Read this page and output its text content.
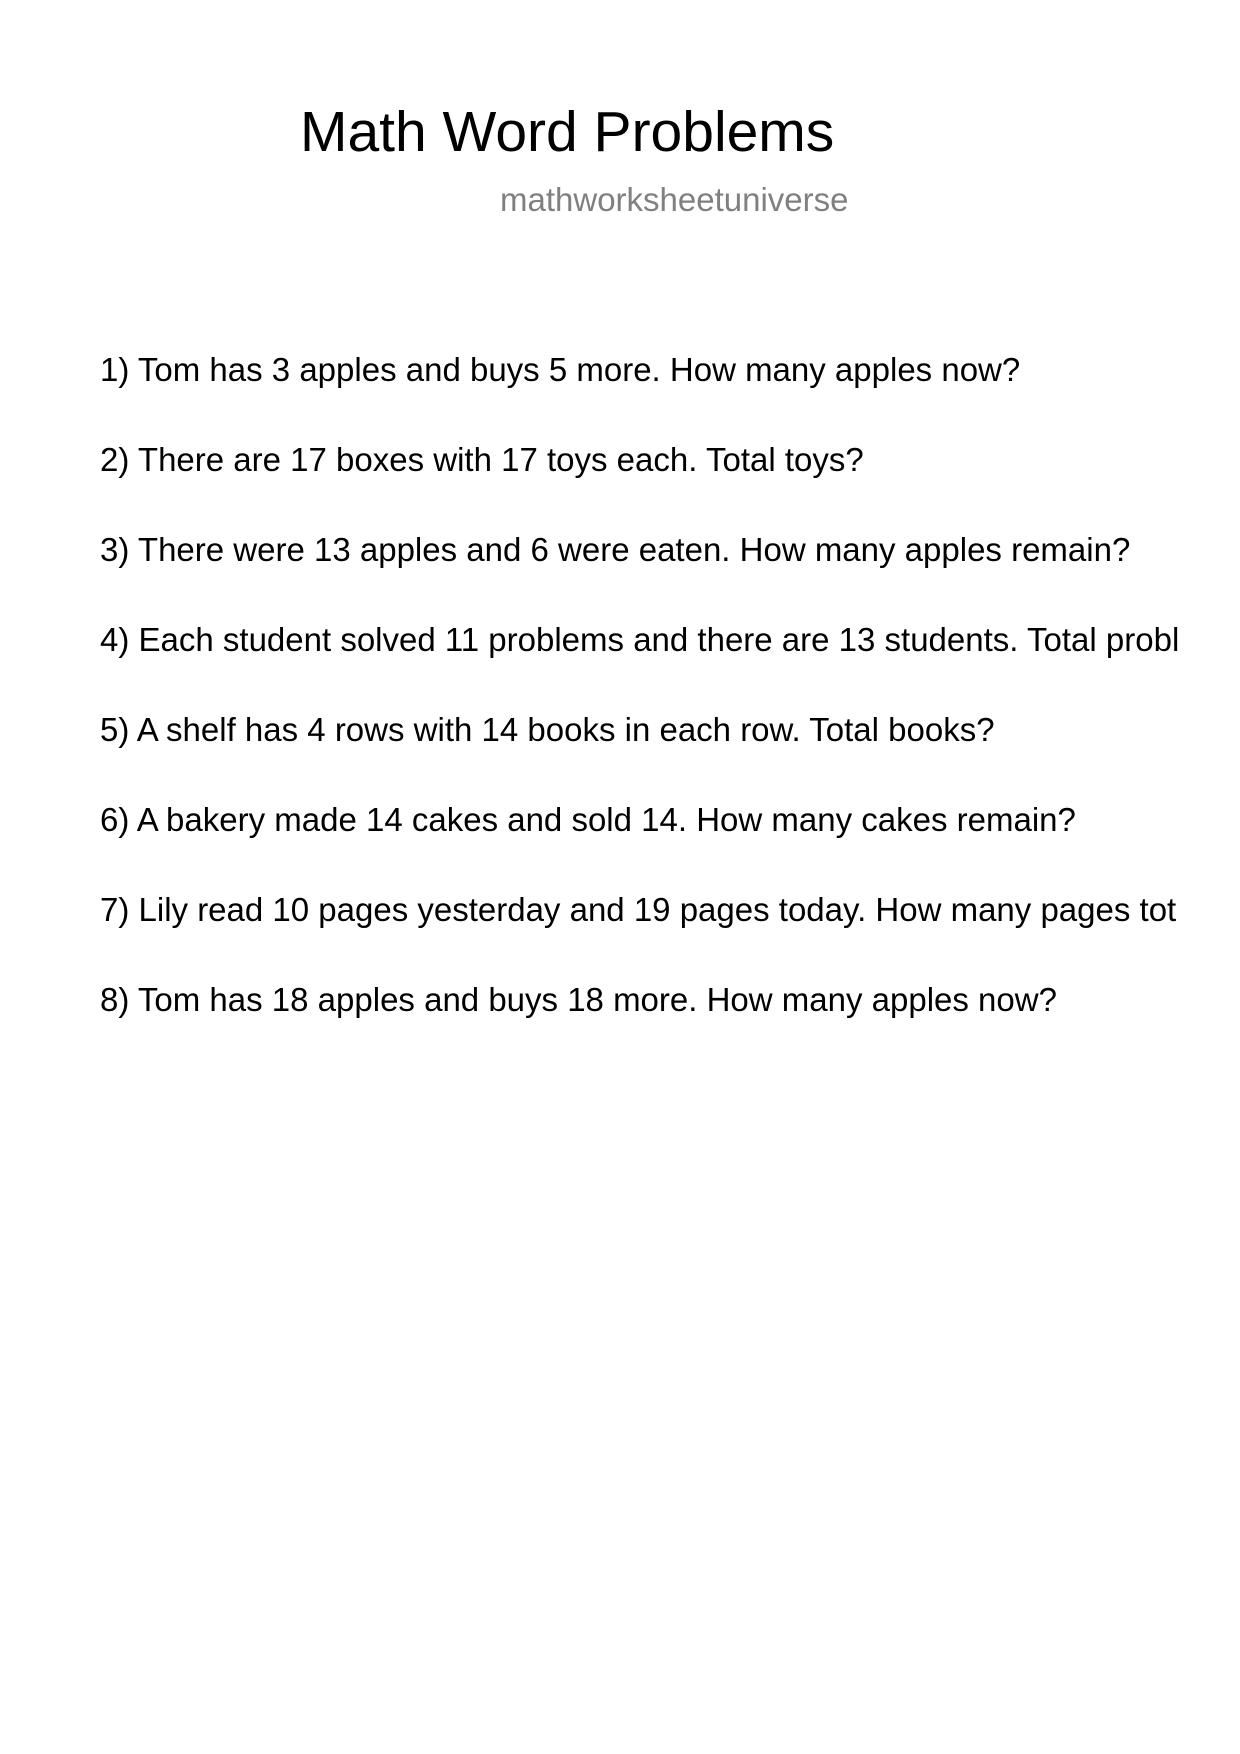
Math Word Problems
mathworksheetuniverse
1) Tom has 3 apples and buys 5 more. How many apples now?
2) There are 17 boxes with 17 toys each. Total toys?
3) There were 13 apples and 6 were eaten. How many apples remain?
4) Each student solved 11 problems and there are 13 students. Total probl
5) A shelf has 4 rows with 14 books in each row. Total books?
6) A bakery made 14 cakes and sold 14. How many cakes remain?
7) Lily read 10 pages yesterday and 19 pages today. How many pages tot
8) Tom has 18 apples and buys 18 more. How many apples now?
